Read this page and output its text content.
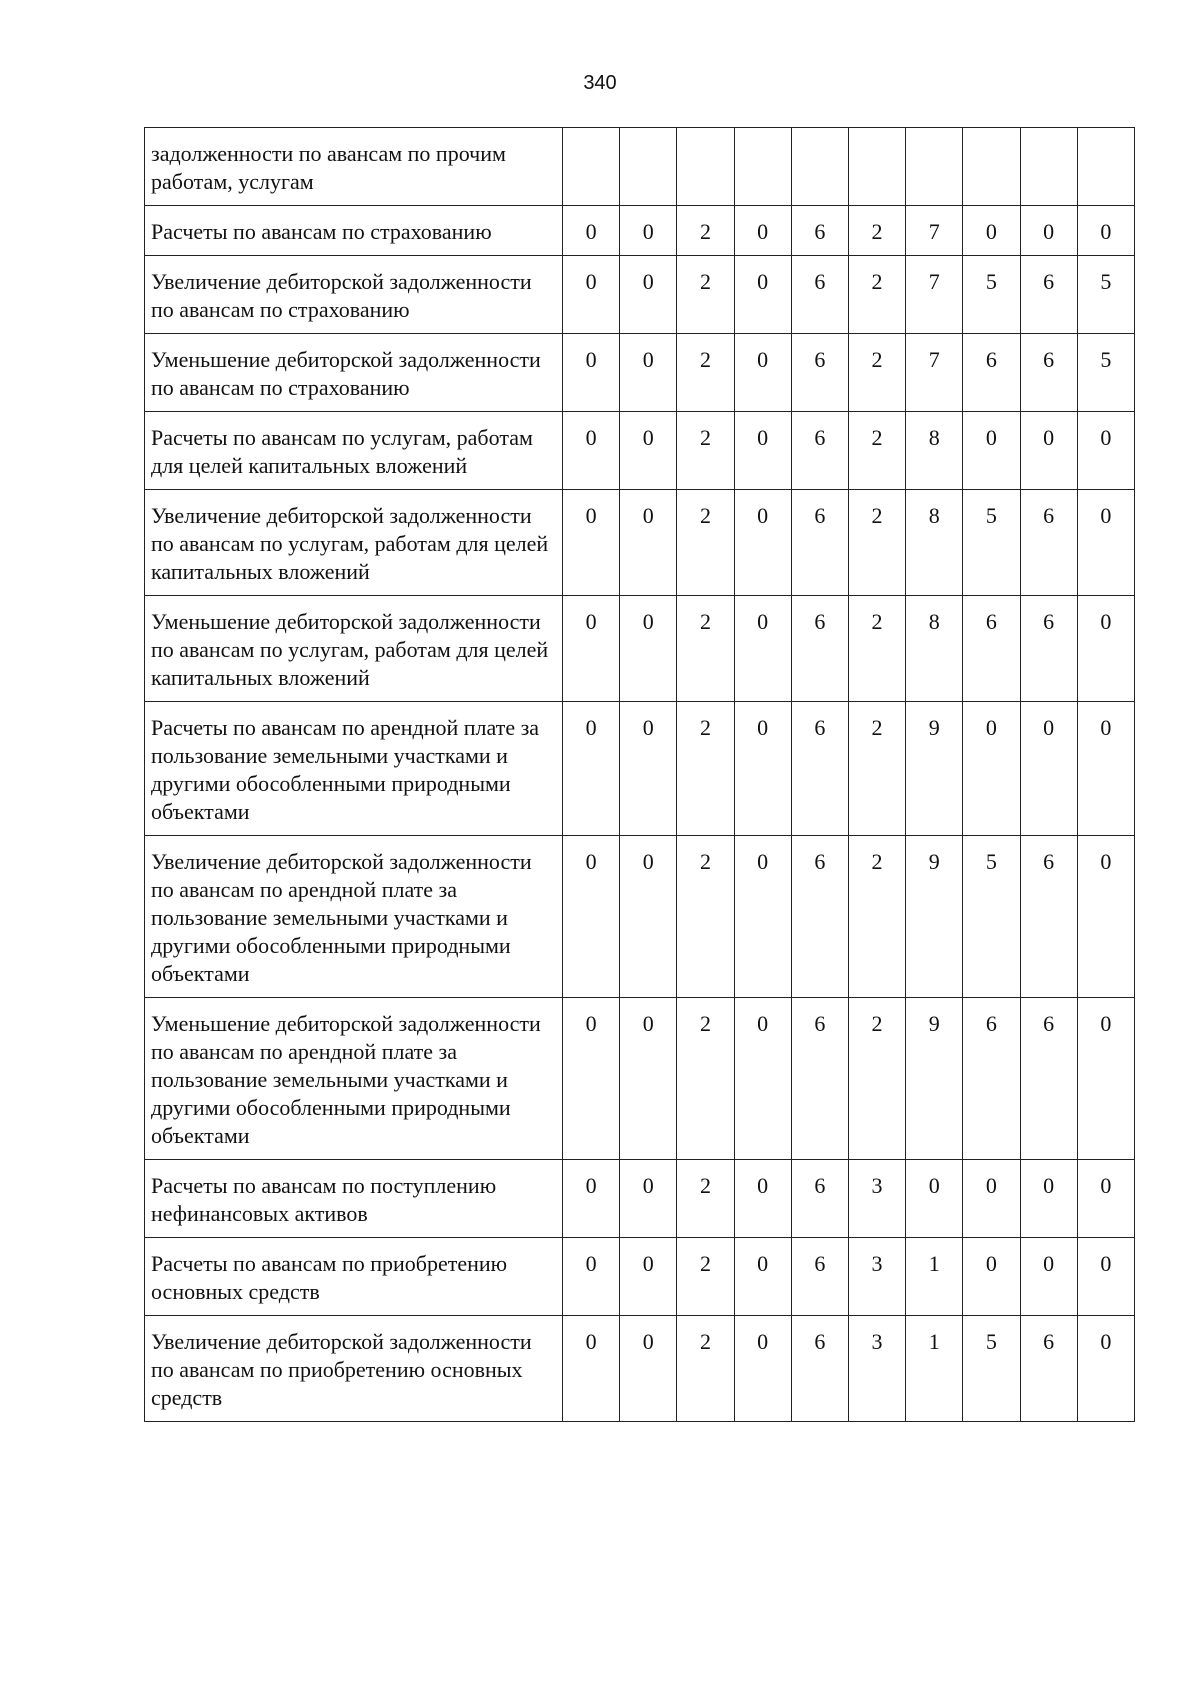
340
задолженности по авансам по прочим работам, услугам										
Расчеты по авансам по страхованию	0	0	2	0	6	2	7	0	0	0
Увеличение дебиторской задолженности по авансам по страхованию	0	0	2	0	6	2	7	5	6	5
Уменьшение дебиторской задолженности по авансам по страхованию	0	0	2	0	6	2	7	6	6	5
Расчеты по авансам по услугам, работам для целей капитальных вложений	0	0	2	0	6	2	8	0	0	0
Увеличение дебиторской задолженности по авансам по услугам, работам для целей капитальных вложений	0	0	2	0	6	2	8	5	6	0
Уменьшение дебиторской задолженности по авансам по услугам, работам для целей капитальных вложений	0	0	2	0	6	2	8	6	6	0
Расчеты по авансам по арендной плате за пользование земельными участками и другими обособленными природными объектами	0	0	2	0	6	2	9	0	0	0
Увеличение дебиторской задолженности по авансам по арендной плате за пользование земельными участками и другими обособленными природными объектами	0	0	2	0	6	2	9	5	6	0
Уменьшение дебиторской задолженности по авансам по арендной плате за пользование земельными участками и другими обособленными природными объектами	0	0	2	0	6	2	9	6	6	0
Расчеты по авансам по поступлению нефинансовых активов	0	0	2	0	6	3	0	0	0	0
Расчеты по авансам по приобретению основных средств	0	0	2	0	6	3	1	0	0	0
Увеличение дебиторской задолженности по авансам по приобретению основных средств	0	0	2	0	6	3	1	5	6	0
